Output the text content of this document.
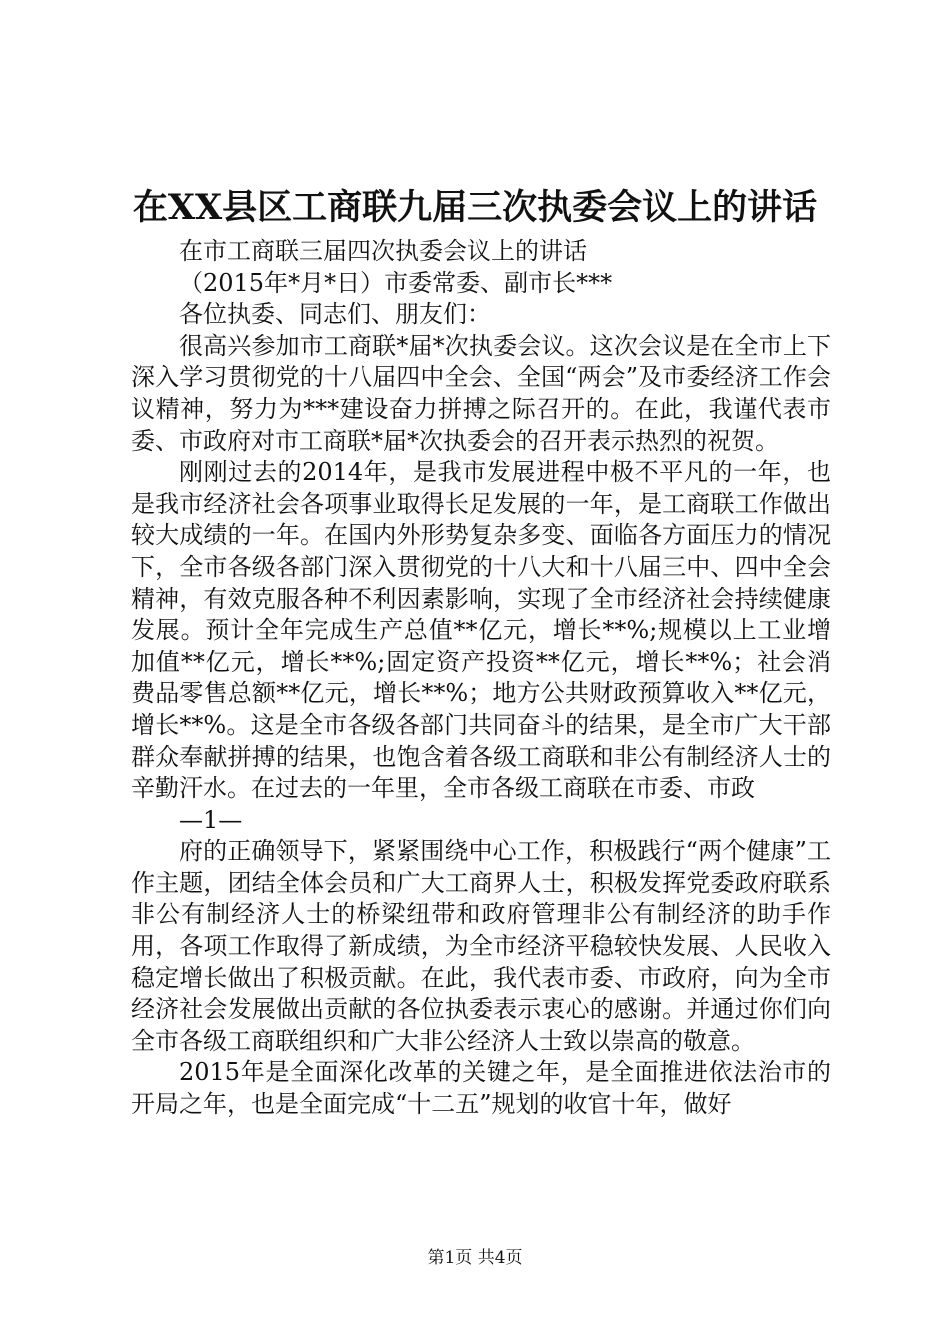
在XX县区工商联九届三次执委会议上的讲话

在市工商联三届四次执委会议上的讲话

（2015年*月*日）市委常委、副市长***

各位执委、同志们、朋友们：

很高兴参加市工商联*届*次执委会议。这次会议是在全市上下深入学习贯彻党的十八届四中全会、全国“两会”及市委经济工作会议精神，努力为***建设奋力拼搏之际召开的。在此，我谨代表市委、市政府对市工商联*届*次执委会的召开表示热烈的祝贺。

刚刚过去的2014年，是我市发展进程中极不平凡的一年，也是我市经济社会各项事业取得长足发展的一年，是工商联工作做出较大成绩的一年。在国内外形势复杂多变、面临各方面压力的情况下，全市各级各部门深入贯彻党的十八大和十八届三中、四中全会精神，有效克服各种不利因素影响，实现了全市经济社会持续健康发展。预计全年完成生产总值**亿元，增长**%;规模以上工业增加值**亿元，增长**%;固定资产投资**亿元，增长**%；社会消费品零售总额**亿元，增长**%；地方公共财政预算收入**亿元，增长**%。这是全市各级各部门共同奋斗的结果，是全市广大干部群众奉献拼搏的结果，也饱含着各级工商联和非公有制经济人士的辛勤汗水。在过去的一年里，全市各级工商联在市委、市政

—1—

府的正确领导下，紧紧围绕中心工作，积极践行“两个健康”工作主题，团结全体会员和广大工商界人士，积极发挥党委政府联系非公有制经济人士的桥梁纽带和政府管理非公有制经济的助手作用，各项工作取得了新成绩，为全市经济平稳较快发展、人民收入稳定增长做出了积极贡献。在此，我代表市委、市政府，向为全市经济社会发展做出贡献的各位执委表示衷心的感谢。并通过你们向全市各级工商联组织和广大非公经济人士致以崇高的敬意。

2015年是全面深化改革的关键之年，是全面推进依法治市的开局之年，也是全面完成“十二五”规划的收官十年，做好

第1页 共4页
